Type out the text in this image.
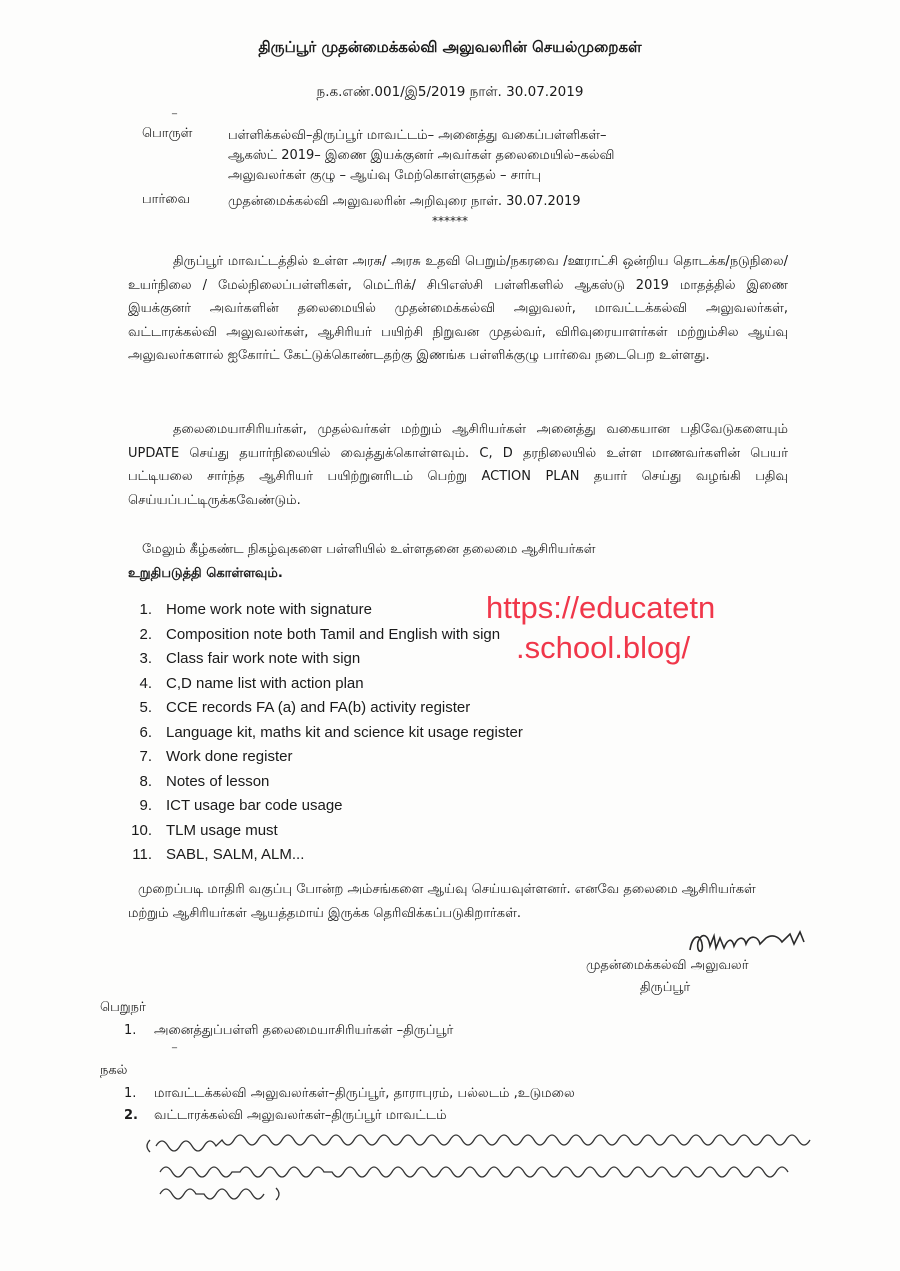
திருப்பூர் முதன்மைக்கல்வி அலுவலரின் செயல்முறைகள்
ந.க.எண்.001/இ5/2019 நாள். 30.07.2019
_
பொருள்	பள்ளிக்கல்வி–திருப்பூர் மாவட்டம்– அனைத்து வகைப்பள்ளிகள்–
ஆகஸ்ட் 2019– இணை இயக்குனர் அவர்கள் தலைமையில்–கல்வி
அலுவலர்கள் குழு – ஆய்வு மேற்கொள்ளுதல் – சார்பு
பார்வை	முதன்மைக்கல்வி அலுவலரின் அறிவுரை நாள். 30.07.2019
******

திருப்பூர் மாவட்டத்தில் உள்ள அரசு/ அரசு உதவி பெறும்/நகரவை /ஊராட்சி ஒன்றிய தொடக்க/நடுநிலை/உயர்நிலை / மேல்நிலைப்பள்ளிகள், மெட்ரிக்/ சிபிஎஸ்சி பள்ளிகளில் ஆகஸ்டு 2019 மாதத்தில் இணை இயக்குனர் அவர்களின் தலைமையில் முதன்மைக்கல்வி அலுவலர், மாவட்டக்கல்வி அலுவலர்கள், வட்டாரக்கல்வி அலுவலர்கள், ஆசிரியர் பயிற்சி நிறுவன முதல்வர், விரிவுரையாளர்கள் மற்றும்சில ஆய்வு அலுவலர்களால் ஐகோர்ட் கேட்டுக்கொண்டதற்கு இணங்க பள்ளிக்குழு பார்வை நடைபெற உள்ளது.

தலைமையாசிரியர்கள், முதல்வர்கள் மற்றும் ஆசிரியர்கள் அனைத்து வகையான பதிவேடுகளையும் UPDATE செய்து தயார்நிலையில் வைத்துக்கொள்ளவும். C, D தரநிலையில் உள்ள மாணவர்களின் பெயர் பட்டியலை சார்ந்த ஆசிரியர் பயிற்றுனரிடம் பெற்று ACTION PLAN தயார் செய்து வழங்கி பதிவு செய்யப்பட்டிருக்கவேண்டும்.

மேலும் கீழ்கண்ட நிகழ்வுகளை பள்ளியில் உள்ளதனை தலைமை ஆசிரியர்கள்
உறுதிபடுத்தி கொள்ளவும்.
1. Home work note with signature
2. Composition note both Tamil and English with sign
3. Class fair work note with sign
4. C,D name list with action plan
5. CCE records FA (a) and FA(b) activity register
6. Language kit, maths kit and science kit usage register
7. Work done register
8. Notes of lesson
9. ICT usage bar code usage
10. TLM usage must
11. SABL, SALM, ALM...
https://educatetn
.school.blog/

முறைப்படி மாதிரி வகுப்பு போன்ற அம்சங்களை ஆய்வு செய்யவுள்ளனர். எனவே தலைமை ஆசிரியர்கள் மற்றும் ஆசிரியர்கள் ஆயத்தமாய் இருக்க தெரிவிக்கப்படுகிறார்கள்.

முதன்மைக்கல்வி அலுவலர்
திருப்பூர்
பெறுநர்
1. அனைத்துப்பள்ளி தலைமையாசிரியர்கள் –திருப்பூர்
_
நகல்
1. மாவட்டக்கல்வி அலுவலர்கள்–திருப்பூர், தாராபுரம், பல்லடம் ,உடுமலை
2. வட்டாரக்கல்வி அலுவலர்கள்–திருப்பூர் மாவட்டம்
